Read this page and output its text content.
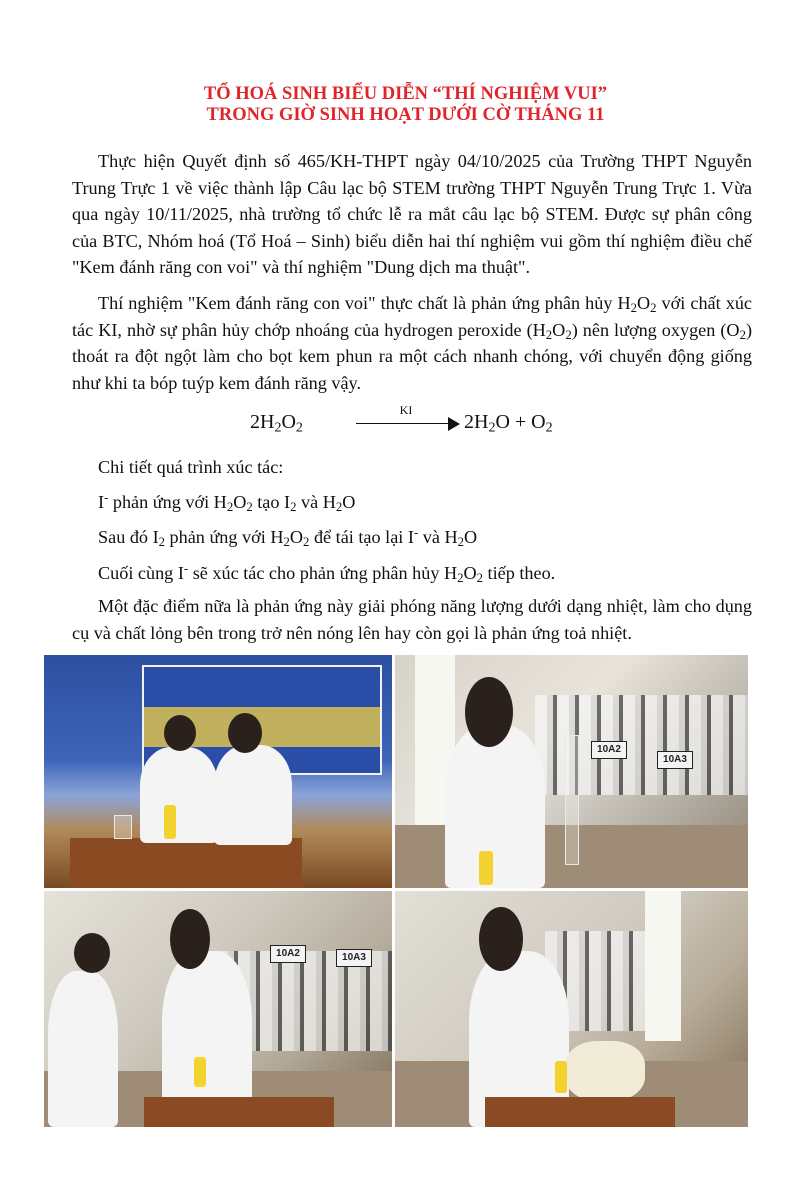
TỔ HOÁ SINH BIỂU DIỄN “THÍ NGHIỆM VUI”
TRONG GIỜ SINH HOẠT DƯỚI CỜ THÁNG 11

Thực hiện Quyết định số 465/KH-THPT ngày 04/10/2025 của Trường THPT Nguyễn Trung Trực 1 về việc thành lập Câu lạc bộ STEM trường THPT Nguyễn Trung Trực 1. Vừa qua ngày 10/11/2025, nhà trường tổ chức lễ ra mắt câu lạc bộ STEM. Được sự phân công của BTC, Nhóm hoá (Tổ Hoá – Sinh) biểu diễn hai thí nghiệm vui gồm thí nghiệm điều chế "Kem đánh răng con voi" và thí nghiệm "Dung dịch ma thuật".

Thí nghiệm "Kem đánh răng con voi" thực chất là phản ứng phân hủy $H_2O_2$ với chất xúc tác KI, nhờ sự phân hủy chớp nhoáng của hydrogen peroxide $(H_2O_2)$ nên lượng oxygen $(O_2)$ thoát ra đột ngột làm cho bọt kem phun ra một cách nhanh chóng, với chuyển động giống như khi ta bóp tuýp kem đánh răng vậy.

$2H_2O_2$
KI
$2H_2O + O_2$
Chi tiết quá trình xúc tác:
I- phản ứng với $H_2O_2$ tạo $I_2$ và $H_2O$
Sau đó $I_2$ phản ứng với $H_2O_2$ để tái tạo lại I- và $H_2O$
Cuối cùng I- sẽ xúc tác cho phản ứng phân hủy $H_2O_2$ tiếp theo.

Một đặc điểm nữa là phản ứng này giải phóng năng lượng dưới dạng nhiệt, làm cho dụng cụ và chất lỏng bên trong trở nên nóng lên hay còn gọi là phản ứng toả nhiệt.

10A2
10A3
10A2	10A3
